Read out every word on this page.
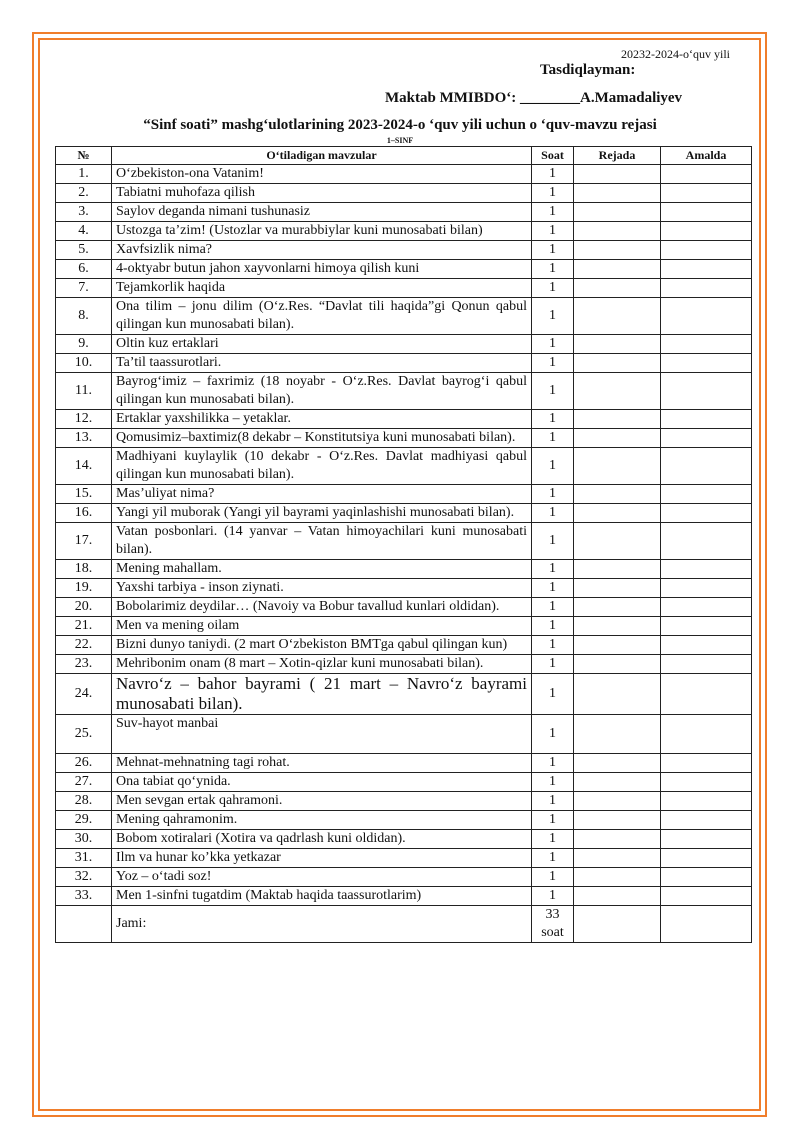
20232-2024-o‘quv yili
Tasdiqlayman:
Maktab MMIBDO‘: ________A.Mamadaliyev
“Sinf soati” mashg‘ulotlarining 2023-2024-o ‘quv yili uchun o ‘quv-mavzu rejasi
1–SINF
№	O‘tiladigan mavzular	Soat	Rejada	Amalda
1.	O‘zbekiston-ona Vatanim!	1		
2.	Tabiatni muhofaza qilish	1		
3.	Saylov deganda nimani tushunasiz	1		
4.	Ustozga ta’zim! (Ustozlar va murabbiylar kuni munosabati bilan)	1		
5.	Xavfsizlik nima?	1		
6.	4-oktyabr butun jahon xayvonlarni himoya qilish kuni	1		
7.	Tejamkorlik haqida	1		
8.	Ona tilim – jonu dilim (O‘z.Res. “Davlat tili haqida”gi Qonun qabul qilingan kun munosabati bilan).	1		
9.	Oltin kuz ertaklari	1		
10.	Ta’til taassurotlari.	1		
11.	Bayrog‘imiz – faxrimiz (18 noyabr - O‘z.Res. Davlat bayrog‘i qabul qilingan kun munosabati bilan).	1		
12.	Ertaklar yaxshilikka – yetaklar.	1		
13.	Qomusimiz–baxtimiz(8 dekabr – Konstitutsiya kuni munosabati bilan).	1		
14.	Madhiyani kuylaylik (10 dekabr - O‘z.Res. Davlat madhiyasi qabul qilingan kun munosabati bilan).	1		
15.	Mas’uliyat nima?	1		
16.	Yangi yil muborak (Yangi yil bayrami yaqinlashishi munosabati bilan).	1		
17.	Vatan posbonlari. (14 yanvar – Vatan himoyachilari kuni munosabati bilan).	1		
18.	Mening mahallam.	1		
19.	Yaxshi tarbiya - inson ziynati.	1		
20.	Bobolarimiz deydilar… (Navoiy va Bobur tavallud kunlari oldidan).	1		
21.	Men va mening oilam	1		
22.	Bizni dunyo taniydi. (2 mart O‘zbekiston BMTga qabul qilingan kun)	1		
23.	Mehribonim onam (8 mart – Xotin-qizlar kuni munosabati bilan).	1		
24.	Navro‘z – bahor bayrami ( 21 mart – Navro‘z bayrami munosabati bilan).	1		
25.	Suv-hayot manbai	1		
26.	Mehnat-mehnatning tagi rohat.	1		
27.	Ona tabiat qo‘ynida.	1		
28.	Men sevgan ertak qahramoni.	1		
29.	Mening qahramonim.	1		
30.	Bobom xotiralari (Xotira va qadrlash kuni oldidan).	1		
31.	Ilm va hunar ko’kka yetkazar	1		
32.	Yoz – o‘tadi soz!	1		
33.	Men 1-sinfni tugatdim (Maktab haqida taassurotlarim)	1		
	Jami:	33 soat		
